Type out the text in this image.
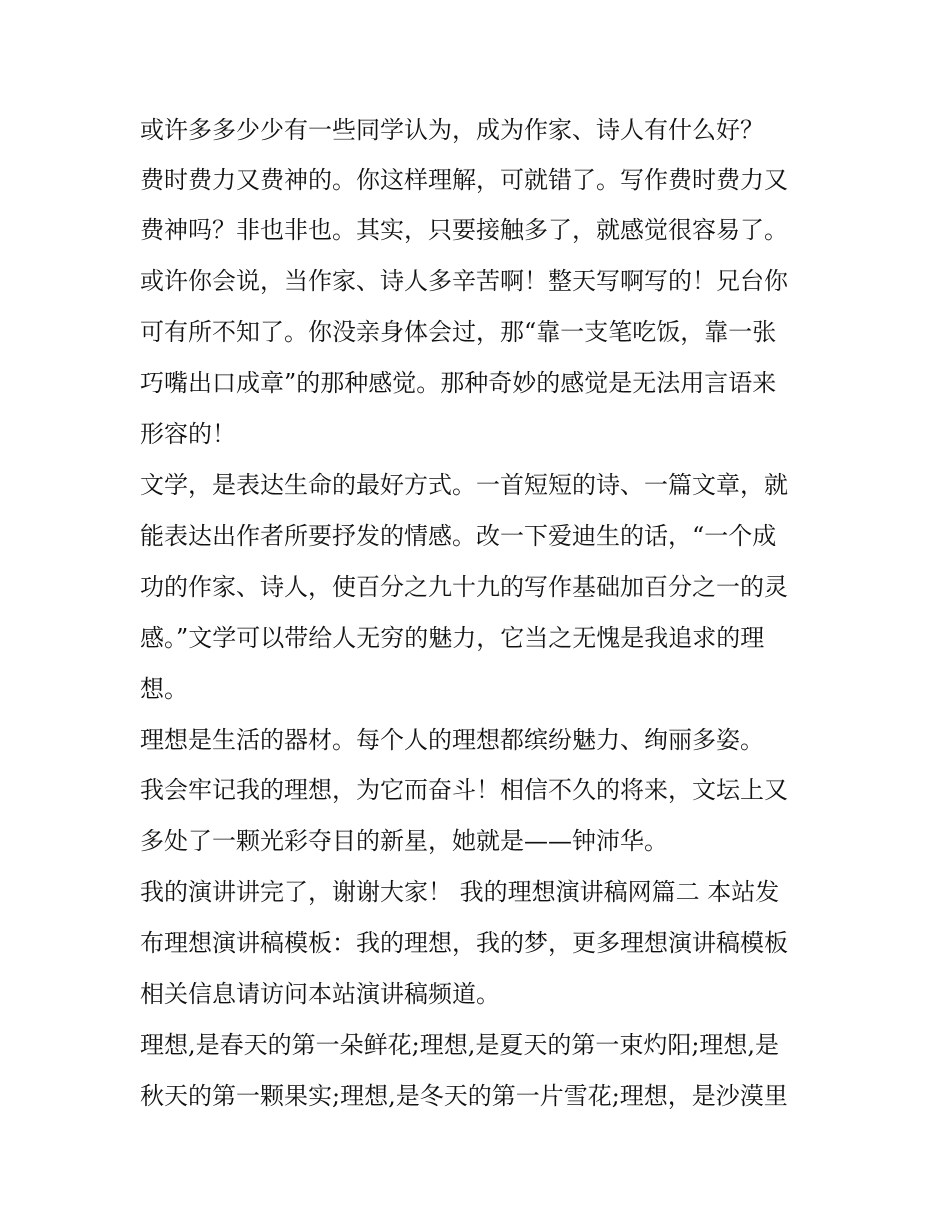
或许多多少少有一些同学认为，成为作家、诗人有什么好？
费时费力又费神的。你这样理解，可就错了。写作费时费力又
费神吗？非也非也。其实，只要接触多了，就感觉很容易了。
或许你会说，当作家、诗人多辛苦啊！整天写啊写的！兄台你
可有所不知了。你没亲身体会过，那“靠一支笔吃饭，靠一张
巧嘴出口成章”的那种感觉。那种奇妙的感觉是无法用言语来
形容的！
文学，是表达生命的最好方式。一首短短的诗、一篇文章，就
能表达出作者所要抒发的情感。改一下爱迪生的话，“一个成
功的作家、诗人，使百分之九十九的写作基础加百分之一的灵
感。”文学可以带给人无穷的魅力，它当之无愧是我追求的理
想。
理想是生活的器材。每个人的理想都缤纷魅力、绚丽多姿。
我会牢记我的理想，为它而奋斗！相信不久的将来，文坛上又
多处了一颗光彩夺目的新星，她就是——钟沛华。
我的演讲讲完了，谢谢大家！ 我的理想演讲稿网篇二 本站发
布理想演讲稿模板：我的理想，我的梦，更多理想演讲稿模板
相关信息请访问本站演讲稿频道。
理想,是春天的第一朵鲜花;理想,是夏天的第一束灼阳;理想,是
秋天的第一颗果实;理想,是冬天的第一片雪花;理想，是沙漠里
